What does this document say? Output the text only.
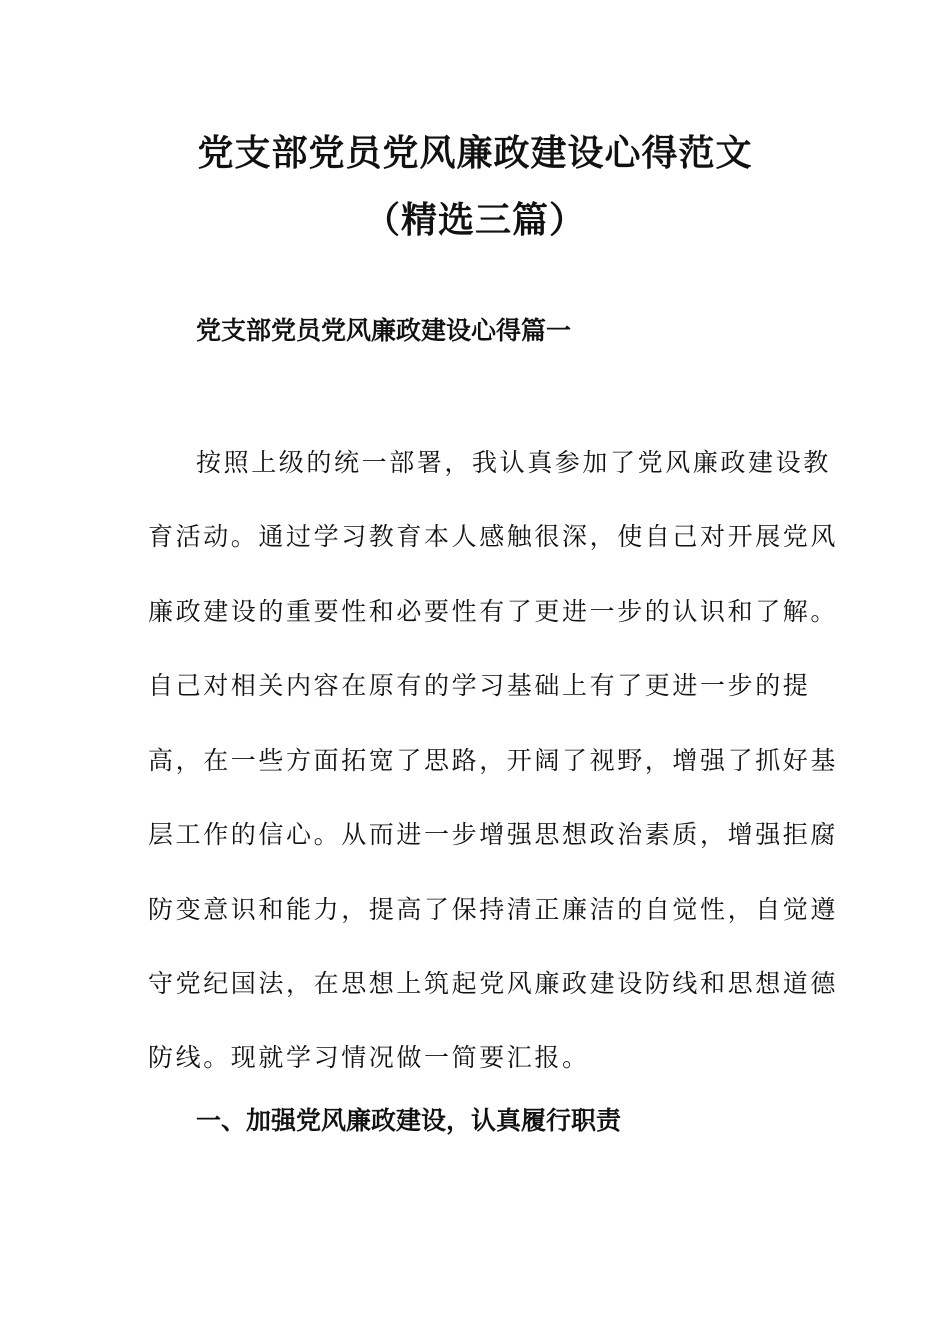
党支部党员党风廉政建设心得范文
（精选三篇）
党支部党员党风廉政建设心得篇一
按照上级的统一部署，我认真参加了党风廉政建设教
育活动。通过学习教育本人感触很深，使自己对开展党风
廉政建设的重要性和必要性有了更进一步的认识和了解。
自己对相关内容在原有的学习基础上有了更进一步的提
高，在一些方面拓宽了思路，开阔了视野，增强了抓好基
层工作的信心。从而进一步增强思想政治素质，增强拒腐
防变意识和能力，提高了保持清正廉洁的自觉性，自觉遵
守党纪国法，在思想上筑起党风廉政建设防线和思想道德
防线。现就学习情况做一简要汇报。
一、加强党风廉政建设，认真履行职责
